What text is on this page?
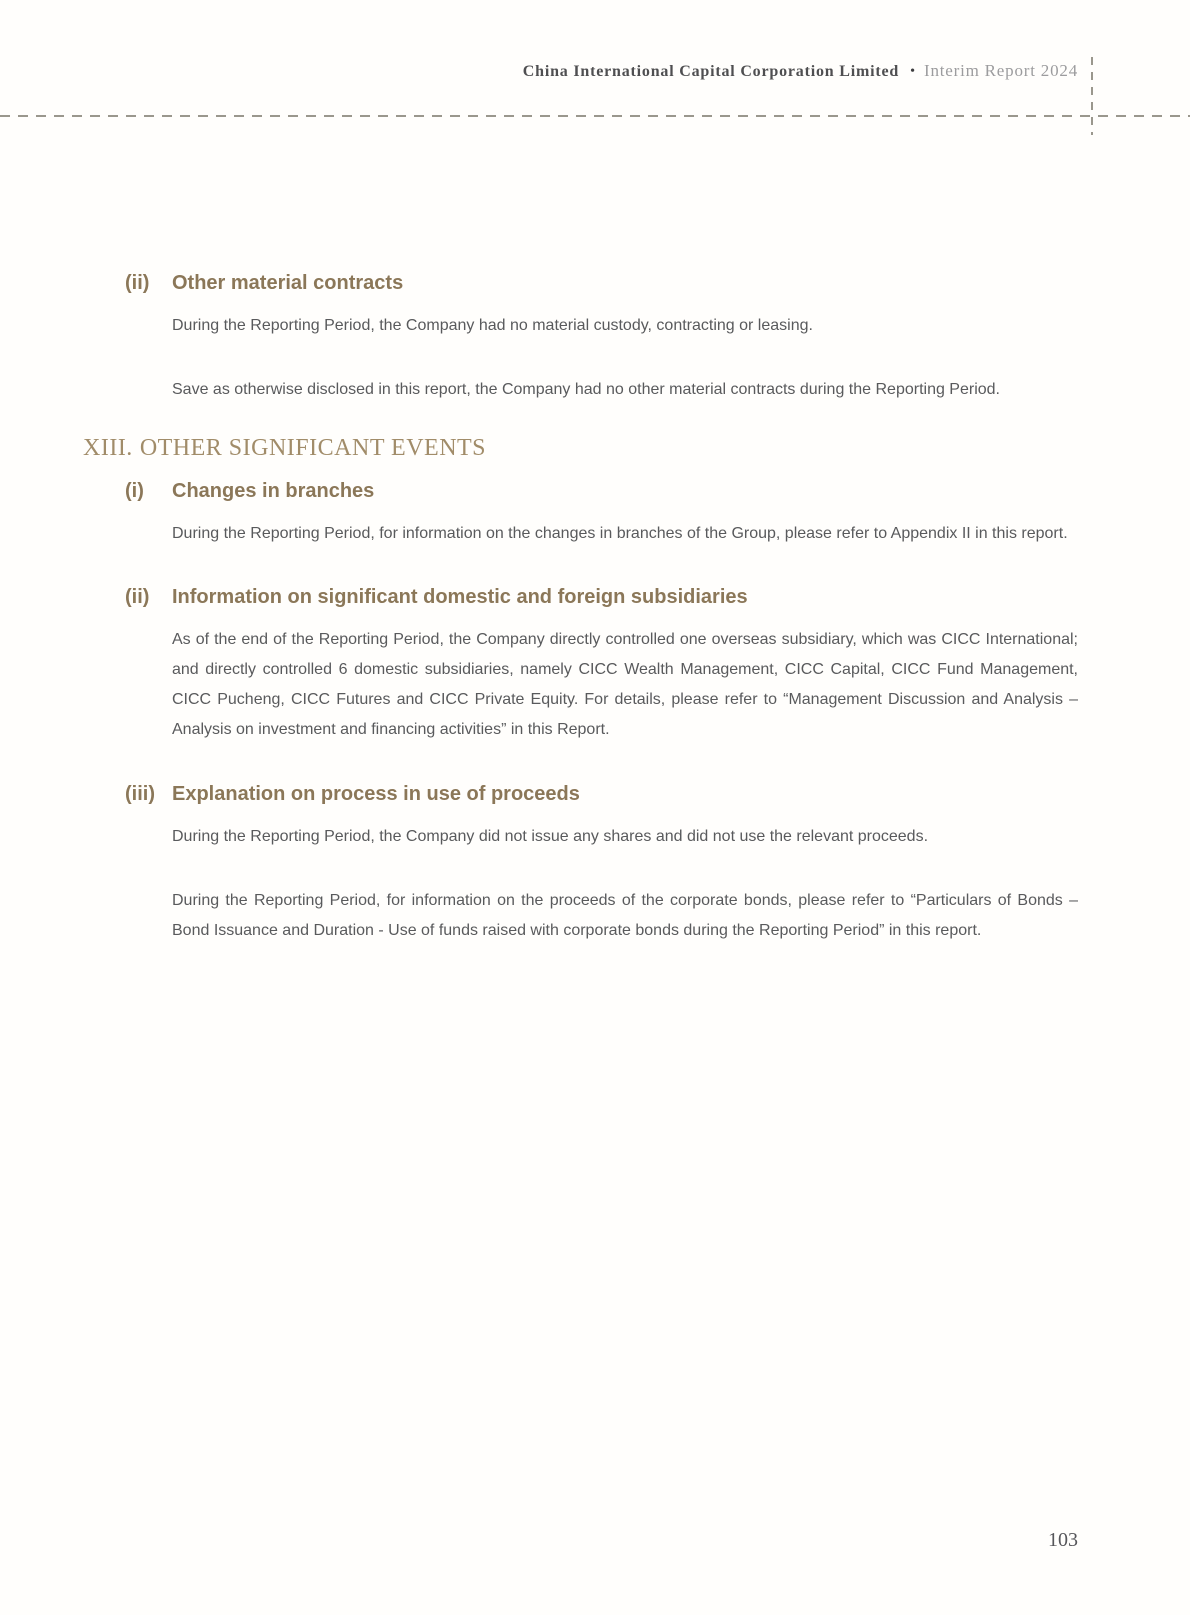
China International Capital Corporation Limited • Interim Report 2024
(ii)	Other material contracts

During the Reporting Period, the Company had no material custody, contracting or leasing.

Save as otherwise disclosed in this report, the Company had no other material contracts during the Reporting Period.

XIII. OTHER SIGNIFICANT EVENTS
(i)	Changes in branches

During the Reporting Period, for information on the changes in branches of the Group, please refer to Appendix II in this report.

(ii)	Information on significant domestic and foreign subsidiaries

As of the end of the Reporting Period, the Company directly controlled one overseas subsidiary, which was CICC International; and directly controlled 6 domestic subsidiaries, namely CICC Wealth Management, CICC Capital, CICC Fund Management, CICC Pucheng, CICC Futures and CICC Private Equity. For details, please refer to “Management Discussion and Analysis – Analysis on investment and financing activities” in this Report.

(iii) Explanation on process in use of proceeds

During the Reporting Period, the Company did not issue any shares and did not use the relevant proceeds.

During the Reporting Period, for information on the proceeds of the corporate bonds, please refer to “Particulars of Bonds – Bond Issuance and Duration - Use of funds raised with corporate bonds during the Reporting Period” in this report.

103
